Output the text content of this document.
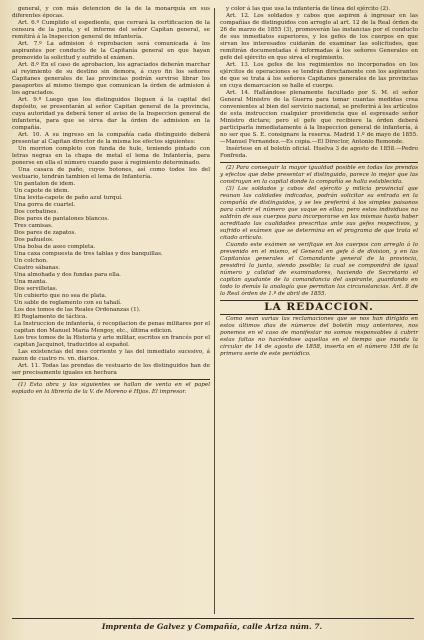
general, y con más detencion de la de la monarquía en sus diferentes épocas.

Art. 6.º Cumplido el espediente, que cerrará la certificacion de la censura de la junta, y el informe del señor Capitan general, se remitirá á la Inspeccion general de infantería.

Art. 7.º La admision ó reprobacion será comunicada á los aspirantes por conducto de la Capitanía general en que hayan promovido la solicitud y sufrido el exámen.

Art. 8.º En el caso de aprobacion, los agraciados deberán marchar al reyimiento de su destino sin demora, á cuyo fin los señores Capitanes generales de las provincias podrán servirse librar los pasaportes al mismo tiempo que comunican la órden de admision á los agraciados.

Art. 9.º Luego que los distinguidos lleguen á la capital del depósito, se presentarán al señor Capitan general de la provincia, cuya autoridad ya deberá tener el aviso de la Inspeccion general de infantería, para que se sirva dar la órden de admision en la compañía.

Art. 10. A su ingreso en la compañía cada distinguido deberá presentar al Capitan director de la misma los efectos siguientes:

Un morrion completo con funda de hule, teniendo pintado con letras negras en la chapa de metal el lema de Infantería, para ponerse en ella el número cuando pase á regimiento determinado.

Una casaca de paño, cuyos botones, así como todos los del vestuario, tendrán tambien el lema de Infantería.

Un pantalon de idem.

Un capote de idem.

Una levita-capote de paño azul turquí.

Una gorra de cuartel.

Dos corbatines.

Dos pares de pantalones blancos.

Tres camisas.

Dos pares de zapatos.

Dos pañuelos.

Una bolsa de aseo completa.

Una caxa compuesta de tres tablas y dos banquillas.

Un colchon.

Cuatro sábanas.

Una almohada y dos fundas para ella.

Una manta.

Dos servilletas.

Un cubierto que no sea de plata.

Un sable de reglamento con su tahalí.

Los dos tomos de las Reales Ordenanzas (1).

El Reglamento de táctica.

La Instruccion de infantería, ó recopilacion de penas militares por el capitan don Manuel María Mengoy, etc., última edicion.

Los tres tomos de la Historia y arte militar, escritos en francés por el capitan Jacquinot, traducidos al español.

Las existencias del mes corriente y las del inmediato sucesivo, á razon de cuatro rs. vn. diarios.

Art. 11. Todas las prendas de vestuario de los distinguidos han de ser precisamente iguales en hechura

(1) Esta obra y las siguientes se hallan de venta en el papel espiado en la librería de la V. de Moreno é Hijos. El impresor.

y color á las que usa la infantería de línea del ejército (2).

Art. 12. Los soldados y cabos que aspiren á ingresar en las compañías de distinguidos con arreglo al art. 12 de la Real órden de 26 de marzo de 1855 (3), promoverán las instancias por el conducto de sus inmediatos superiores, y los gefes de los cuerpos en que sirvan los interesados cuidarán de examinar las solicitudes, que remitirán documentadas é informadas á los señores Generales en gefe del ejército en que sirva el regimiento.

Art. 13. Los gefes de los regimientos no incorporados en los ejércitos de operaciones se tendrán directamente con los aspirantes de que se trata á los señores Capitanes generales de las provincias en cuya demarcacion se halle el cuerpo.

Art. 14. Hallándose plenamente facultado por S. M. el señor General Ministro de la Guerra para tomar cuantas medidas crea convenientes al bien del servicio nacional, se preferirá á los artículos de esta instruccion cualquier providencia que el espresado señor Ministro dictare; pero el gefe que recibiere la órden deberá participarla inmediatamente á la Inspeccion general de infantería, á no ser que S. E. consignare la reserva. Madrid 1.º de mayo de 1855.—Manuel Fernandez.—Es copia.—El Director, Antonio Remonde.

Insértese en el boletín oficial. Huelva 3 de agosto de 1858.—Pedro Fonfreda.

(2) Para conseguir la mayor igualdad posible en todas las prendas y efectos que debe presentar el distinguido, parece lo mejor que las construyan en la capital donde la compañía se halla establecida.

(3) Los soldados y cabos del ejército y milicia provincial que reunan las calidades indicadas, podrán solicitar su entrada en la compañía de distinguidos, y se les preferirá á los simples paisanos para cubrir el número que vaque en ellas; pero estos individuos no saldrán de sus cuerpos para incorporarse en las mismas hasta haber acreditado las cualidades prescritas ante sus gefes respectivos, y sufrido el exámen que se determina en el programa de que trata el citado artículo.

Cuando este exámen se verifique en los cuerpos con arreglo á lo prevenido en el mismo, el General en gefe ó de division, y en las Capitanías generales el Comandante general de la provincia, presidirá la junta, siendo posible; la cual se compondrá de igual número y calidad de examinadores, haciendo de Secretario el capitan ayudante de la comandancia del aspirante, guardando en todo lo demás la analogía que permitan las circunstancias. Art. 8 de la Real órden de 1.º de abril de 1855.

LA REDACCION.

Como sean varias las reclamaciones que se nos han dirigido en estos últimos dias de números del boletín muy anteriores, nos ponemos en el caso de manifestar no somos responsables á cubrir estas faltas no haciéndose aquellas en el tiempo que manda la circular de 14 de agosto de 1858, inserta en el número 156 de la primera serie de este periódico.

Imprenta de Galvez y Compañía, calle Ariza núm. 7.
